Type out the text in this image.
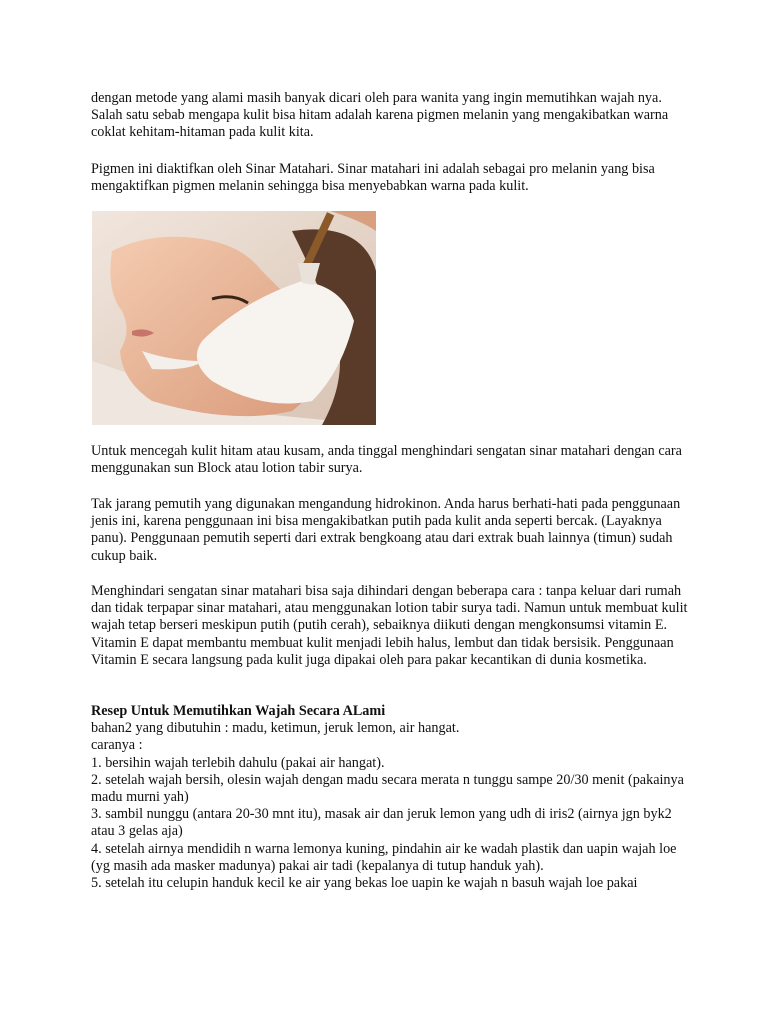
dengan metode yang alami masih banyak dicari oleh para wanita yang ingin memutihkan wajah nya. Salah satu sebab mengapa kulit bisa hitam adalah karena pigmen melanin yang mengakibatkan warna coklat kehitam-hitaman pada kulit kita.

Pigmen ini diaktifkan oleh Sinar Matahari. Sinar matahari ini adalah sebagai pro melanin yang bisa mengaktifkan pigmen melanin sehingga bisa menyebabkan warna pada kulit.

Untuk mencegah kulit hitam atau kusam, anda tinggal menghindari sengatan sinar matahari dengan cara menggunakan sun Block atau lotion tabir surya.

Tak jarang pemutih yang digunakan mengandung hidrokinon. Anda harus berhati-hati pada penggunaan jenis ini, karena penggunaan ini bisa mengakibatkan putih pada kulit anda seperti bercak. (Layaknya panu). Penggunaan pemutih seperti dari extrak bengkoang atau dari extrak buah lainnya (timun) sudah cukup baik.

Menghindari sengatan sinar matahari bisa saja dihindari dengan beberapa cara : tanpa keluar dari rumah dan tidak terpapar sinar matahari, atau menggunakan lotion tabir surya tadi. Namun untuk membuat kulit wajah tetap berseri meskipun putih (putih cerah), sebaiknya diikuti dengan mengkonsumsi vitamin E. Vitamin E dapat membantu membuat kulit menjadi lebih halus, lembut dan tidak bersisik. Penggunaan Vitamin E secara langsung pada kulit juga dipakai oleh para pakar kecantikan di dunia kosmetika.

Resep Untuk Memutihkan Wajah Secara ALami
bahan2 yang dibutuhin : madu, ketimun, jeruk lemon, air hangat.
caranya :
1. bersihin wajah terlebih dahulu (pakai air hangat).
2. setelah wajah bersih, olesin wajah dengan madu secara merata n tunggu sampe 20/30 menit (pakainya madu murni yah)
3. sambil nunggu (antara 20-30 mnt itu), masak air dan jeruk lemon yang udh di iris2 (airnya jgn byk2 atau 3 gelas aja)
4. setelah airnya mendidih n warna lemonya kuning, pindahin air ke wadah plastik dan uapin wajah loe (yg masih ada masker madunya) pakai air tadi (kepalanya di tutup handuk yah).
5. setelah itu celupin handuk kecil ke air yang bekas loe uapin ke wajah n basuh wajah loe pakai
